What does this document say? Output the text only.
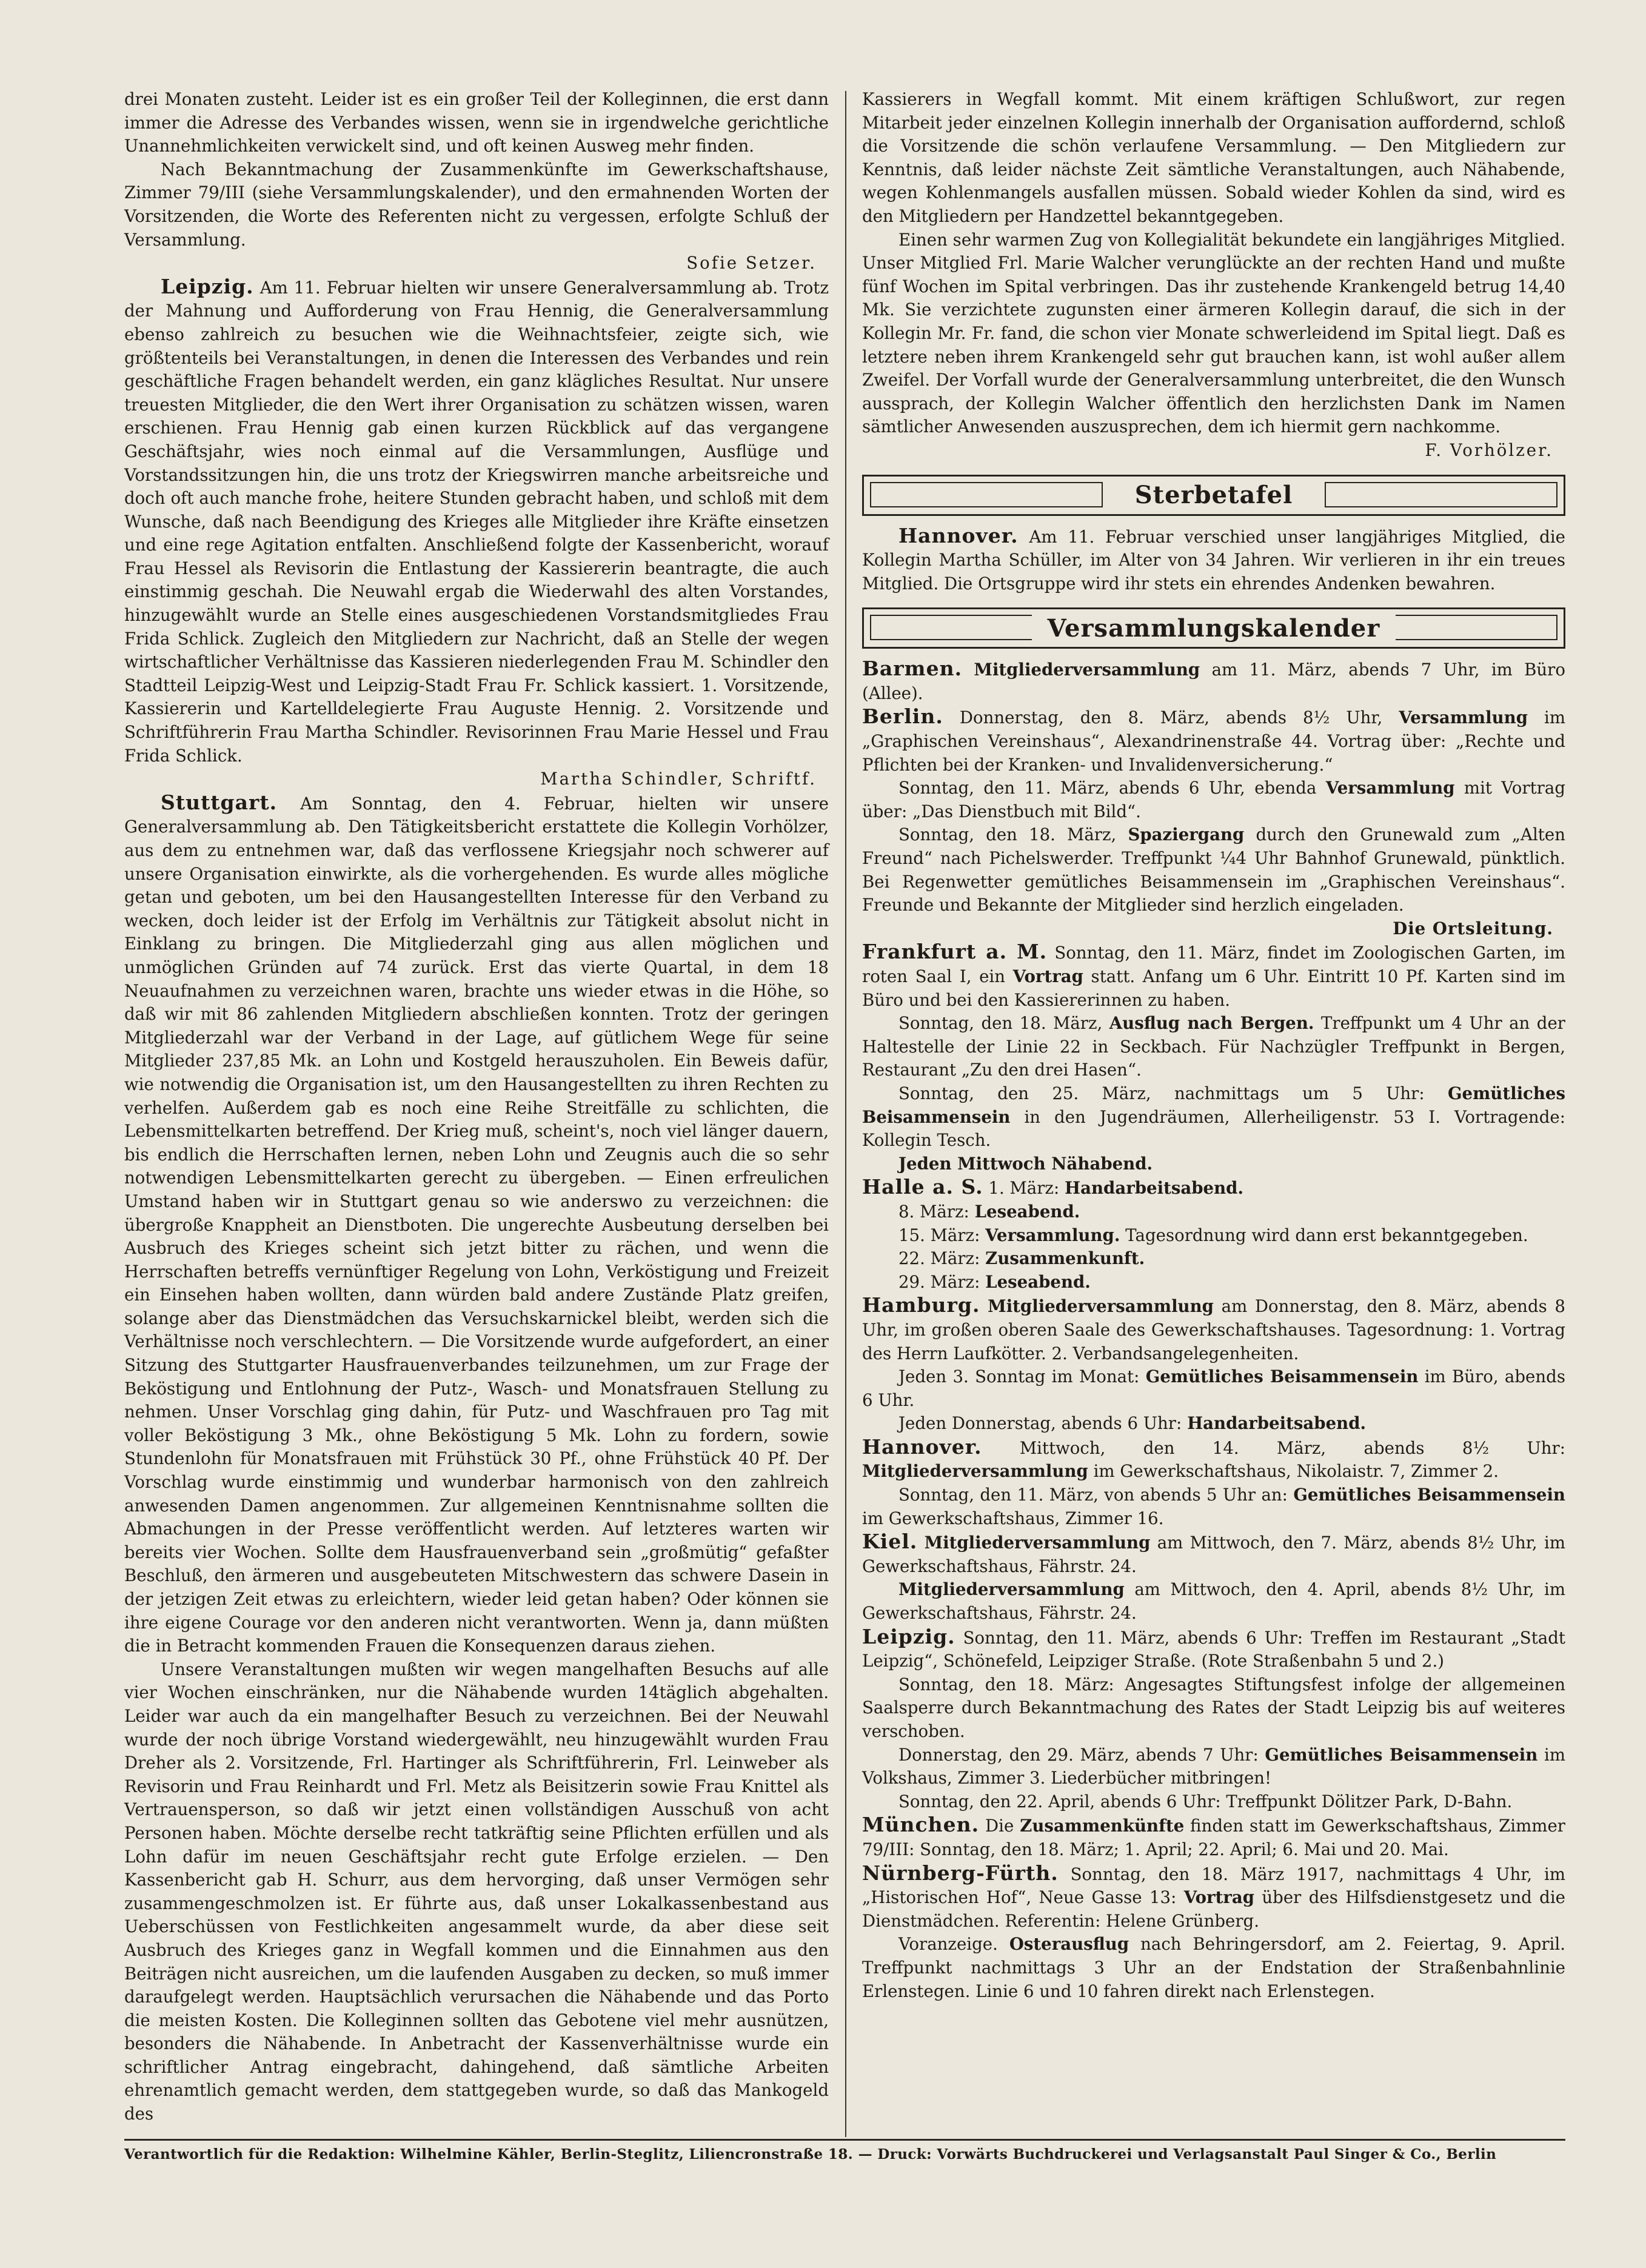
drei Monaten zusteht. Leider ist es ein großer Teil der Kolleginnen, die erst dann immer die Adresse des Verbandes wissen, wenn sie in irgendwelche gerichtliche Unannehmlichkeiten verwickelt sind, und oft keinen Ausweg mehr finden.

Nach Bekanntmachung der Zusammenkünfte im Gewerkschaftshause, Zimmer 79/III (siehe Versammlungskalender), und den ermahnenden Worten der Vorsitzenden, die Worte des Referenten nicht zu vergessen, erfolgte Schluß der Versammlung.

Sofie Setzer.

Leipzig. Am 11. Februar hielten wir unsere Generalversammlung ab. Trotz der Mahnung und Aufforderung von Frau Hennig, die Generalversammlung ebenso zahlreich zu besuchen wie die Weihnachtsfeier, zeigte sich, wie größtenteils bei Veranstaltungen, in denen die Interessen des Verbandes und rein geschäftliche Fragen behandelt werden, ein ganz klägliches Resultat. Nur unsere treuesten Mitglieder, die den Wert ihrer Organisation zu schätzen wissen, waren erschienen. Frau Hennig gab einen kurzen Rückblick auf das vergangene Geschäftsjahr, wies noch einmal auf die Versammlungen, Ausflüge und Vorstandssitzungen hin, die uns trotz der Kriegswirren manche arbeitsreiche und doch oft auch manche frohe, heitere Stunden gebracht haben, und schloß mit dem Wunsche, daß nach Beendigung des Krieges alle Mitglieder ihre Kräfte einsetzen und eine rege Agitation entfalten. Anschließend folgte der Kassenbericht, worauf Frau Hessel als Revisorin die Entlastung der Kassiererin beantragte, die auch einstimmig geschah. Die Neuwahl ergab die Wiederwahl des alten Vorstandes, hinzugewählt wurde an Stelle eines ausgeschiedenen Vorstandsmitgliedes Frau Frida Schlick. Zugleich den Mitgliedern zur Nachricht, daß an Stelle der wegen wirtschaftlicher Verhältnisse das Kassieren niederlegenden Frau M. Schindler den Stadtteil Leipzig-West und Leipzig-Stadt Frau Fr. Schlick kassiert. 1. Vorsitzende, Kassiererin und Kartelldelegierte Frau Auguste Hennig. 2. Vorsitzende und Schriftführerin Frau Martha Schindler. Revisorinnen Frau Marie Hessel und Frau Frida Schlick.

Martha Schindler, Schriftf.

Stuttgart. Am Sonntag, den 4. Februar, hielten wir unsere Generalversammlung ab. Den Tätigkeitsbericht erstattete die Kollegin Vorhölzer, aus dem zu entnehmen war, daß das verflossene Kriegsjahr noch schwerer auf unsere Organisation einwirkte, als die vorhergehenden. Es wurde alles mögliche getan und geboten, um bei den Hausangestellten Interesse für den Verband zu wecken, doch leider ist der Erfolg im Verhältnis zur Tätigkeit absolut nicht in Einklang zu bringen. Die Mitgliederzahl ging aus allen möglichen und unmöglichen Gründen auf 74 zurück. Erst das vierte Quartal, in dem 18 Neuaufnahmen zu verzeichnen waren, brachte uns wieder etwas in die Höhe, so daß wir mit 86 zahlenden Mitgliedern abschließen konnten. Trotz der geringen Mitgliederzahl war der Verband in der Lage, auf gütlichem Wege für seine Mitglieder 237,85 Mk. an Lohn und Kostgeld herauszuholen. Ein Beweis dafür, wie notwendig die Organisation ist, um den Hausangestellten zu ihren Rechten zu verhelfen. Außerdem gab es noch eine Reihe Streitfälle zu schlichten, die Lebensmittelkarten betreffend. Der Krieg muß, scheint's, noch viel länger dauern, bis endlich die Herrschaften lernen, neben Lohn und Zeugnis auch die so sehr notwendigen Lebensmittelkarten gerecht zu übergeben. — Einen erfreulichen Umstand haben wir in Stuttgart genau so wie anderswo zu verzeichnen: die übergroße Knappheit an Dienstboten. Die ungerechte Ausbeutung derselben bei Ausbruch des Krieges scheint sich jetzt bitter zu rächen, und wenn die Herrschaften betreffs vernünftiger Regelung von Lohn, Verköstigung und Freizeit ein Einsehen haben wollten, dann würden bald andere Zustände Platz greifen, solange aber das Dienstmädchen das Versuchskarnickel bleibt, werden sich die Verhältnisse noch verschlechtern. — Die Vorsitzende wurde aufgefordert, an einer Sitzung des Stuttgarter Hausfrauenverbandes teilzunehmen, um zur Frage der Beköstigung und Entlohnung der Putz-, Wasch- und Monatsfrauen Stellung zu nehmen. Unser Vorschlag ging dahin, für Putz- und Waschfrauen pro Tag mit voller Beköstigung 3 Mk., ohne Beköstigung 5 Mk. Lohn zu fordern, sowie Stundenlohn für Monatsfrauen mit Frühstück 30 Pf., ohne Frühstück 40 Pf. Der Vorschlag wurde einstimmig und wunderbar harmonisch von den zahlreich anwesenden Damen angenommen. Zur allgemeinen Kenntnisnahme sollten die Abmachungen in der Presse veröffentlicht werden. Auf letzteres warten wir bereits vier Wochen. Sollte dem Hausfrauenverband sein „großmütig“ gefaßter Beschluß, den ärmeren und ausgebeuteten Mitschwestern das schwere Dasein in der jetzigen Zeit etwas zu erleichtern, wieder leid getan haben? Oder können sie ihre eigene Courage vor den anderen nicht verantworten. Wenn ja, dann müßten die in Betracht kommenden Frauen die Konsequenzen daraus ziehen.

Unsere Veranstaltungen mußten wir wegen mangelhaften Besuchs auf alle vier Wochen einschränken, nur die Nähabende wurden 14täglich abgehalten. Leider war auch da ein mangelhafter Besuch zu verzeichnen. Bei der Neuwahl wurde der noch übrige Vorstand wiedergewählt, neu hinzugewählt wurden Frau Dreher als 2. Vorsitzende, Frl. Hartinger als Schriftführerin, Frl. Leinweber als Revisorin und Frau Reinhardt und Frl. Metz als Beisitzerin sowie Frau Knittel als Vertrauensperson, so daß wir jetzt einen vollständigen Ausschuß von acht Personen haben. Möchte derselbe recht tatkräftig seine Pflichten erfüllen und als Lohn dafür im neuen Geschäftsjahr recht gute Erfolge erzielen. — Den Kassenbericht gab H. Schurr, aus dem hervorging, daß unser Vermögen sehr zusammengeschmolzen ist. Er führte aus, daß unser Lokalkassenbestand aus Ueberschüssen von Festlichkeiten angesammelt wurde, da aber diese seit Ausbruch des Krieges ganz in Wegfall kommen und die Einnahmen aus den Beiträgen nicht ausreichen, um die laufenden Ausgaben zu decken, so muß immer daraufgelegt werden. Hauptsächlich verursachen die Nähabende und das Porto die meisten Kosten. Die Kolleginnen sollten das Gebotene viel mehr ausnützen, besonders die Nähabende. In Anbetracht der Kassenverhältnisse wurde ein schriftlicher Antrag eingebracht, dahingehend, daß sämtliche Arbeiten ehrenamtlich gemacht werden, dem stattgegeben wurde, so daß das Mankogeld des

Kassierers in Wegfall kommt. Mit einem kräftigen Schlußwort, zur regen Mitarbeit jeder einzelnen Kollegin innerhalb der Organisation auffordernd, schloß die Vorsitzende die schön verlaufene Versammlung. — Den Mitgliedern zur Kenntnis, daß leider nächste Zeit sämtliche Veranstaltungen, auch Nähabende, wegen Kohlenmangels ausfallen müssen. Sobald wieder Kohlen da sind, wird es den Mitgliedern per Handzettel bekanntgegeben.

Einen sehr warmen Zug von Kollegialität bekundete ein langjähriges Mitglied. Unser Mitglied Frl. Marie Walcher verunglückte an der rechten Hand und mußte fünf Wochen im Spital verbringen. Das ihr zustehende Krankengeld betrug 14,40 Mk. Sie verzichtete zugunsten einer ärmeren Kollegin darauf, die sich in der Kollegin Mr. Fr. fand, die schon vier Monate schwerleidend im Spital liegt. Daß es letztere neben ihrem Krankengeld sehr gut brauchen kann, ist wohl außer allem Zweifel. Der Vorfall wurde der Generalversammlung unterbreitet, die den Wunsch aussprach, der Kollegin Walcher öffentlich den herzlichsten Dank im Namen sämtlicher Anwesenden auszusprechen, dem ich hiermit gern nachkomme.

F. Vorhölzer.
Sterbetafel

Hannover. Am 11. Februar verschied unser langjähriges Mitglied, die Kollegin Martha Schüller, im Alter von 34 Jahren. Wir verlieren in ihr ein treues Mitglied. Die Ortsgruppe wird ihr stets ein ehrendes Andenken bewahren.

Versammlungskalender

Barmen. Mitgliederversammlung am 11. März, abends 7 Uhr, im Büro (Allee).

Berlin. Donnerstag, den 8. März, abends 8½ Uhr, Versammlung im „Graphischen Vereinshaus“, Alexandrinenstraße 44. Vortrag über: „Rechte und Pflichten bei der Kranken- und Invalidenversicherung.“

Sonntag, den 11. März, abends 6 Uhr, ebenda Versammlung mit Vortrag über: „Das Dienstbuch mit Bild“.

Sonntag, den 18. März, Spaziergang durch den Grunewald zum „Alten Freund“ nach Pichelswerder. Treffpunkt ¼4 Uhr Bahnhof Grunewald, pünktlich. Bei Regenwetter gemütliches Beisammensein im „Graphischen Vereinshaus“. Freunde und Bekannte der Mitglieder sind herzlich eingeladen.

Die Ortsleitung.

Frankfurt a. M. Sonntag, den 11. März, findet im Zoologischen Garten, im roten Saal I, ein Vortrag statt. Anfang um 6 Uhr. Eintritt 10 Pf. Karten sind im Büro und bei den Kassiererinnen zu haben.

Sonntag, den 18. März, Ausflug nach Bergen. Treffpunkt um 4 Uhr an der Haltestelle der Linie 22 in Seckbach. Für Nachzügler Treffpunkt in Bergen, Restaurant „Zu den drei Hasen“.

Sonntag, den 25. März, nachmittags um 5 Uhr: Gemütliches Beisammensein in den Jugendräumen, Allerheiligenstr. 53 I. Vortragende: Kollegin Tesch.

Jeden Mittwoch Nähabend.

Halle a. S. 1. März: Handarbeitsabend.

8. März: Leseabend.

15. März: Versammlung. Tagesordnung wird dann erst bekanntgegeben.

22. März: Zusammenkunft.

29. März: Leseabend.

Hamburg. Mitgliederversammlung am Donnerstag, den 8. März, abends 8 Uhr, im großen oberen Saale des Gewerkschaftshauses. Tagesordnung: 1. Vortrag des Herrn Laufkötter. 2. Verbandsangelegenheiten.

Jeden 3. Sonntag im Monat: Gemütliches Beisammensein im Büro, abends 6 Uhr.

Jeden Donnerstag, abends 6 Uhr: Handarbeitsabend.

Hannover. Mittwoch, den 14. März, abends 8½ Uhr: Mitgliederversammlung im Gewerkschaftshaus, Nikolaistr. 7, Zimmer 2.

Sonntag, den 11. März, von abends 5 Uhr an: Gemütliches Beisammensein im Gewerkschaftshaus, Zimmer 16.

Kiel. Mitgliederversammlung am Mittwoch, den 7. März, abends 8½ Uhr, im Gewerkschaftshaus, Fährstr. 24.

Mitgliederversammlung am Mittwoch, den 4. April, abends 8½ Uhr, im Gewerkschaftshaus, Fährstr. 24.

Leipzig. Sonntag, den 11. März, abends 6 Uhr: Treffen im Restaurant „Stadt Leipzig“, Schönefeld, Leipziger Straße. (Rote Straßenbahn 5 und 2.)

Sonntag, den 18. März: Angesagtes Stiftungsfest infolge der allgemeinen Saalsperre durch Bekanntmachung des Rates der Stadt Leipzig bis auf weiteres verschoben.

Donnerstag, den 29. März, abends 7 Uhr: Gemütliches Beisammensein im Volkshaus, Zimmer 3. Liederbücher mitbringen!

Sonntag, den 22. April, abends 6 Uhr: Treffpunkt Dölitzer Park, D-Bahn.

München. Die Zusammenkünfte finden statt im Gewerkschaftshaus, Zimmer 79/III: Sonntag, den 18. März; 1. April; 22. April; 6. Mai und 20. Mai.

Nürnberg-Fürth. Sonntag, den 18. März 1917, nachmittags 4 Uhr, im „Historischen Hof“, Neue Gasse 13: Vortrag über des Hilfsdienstgesetz und die Dienstmädchen. Referentin: Helene Grünberg.

Voranzeige. Osterausflug nach Behringersdorf, am 2. Feiertag, 9. April. Treffpunkt nachmittags 3 Uhr an der Endstation der Straßenbahnlinie Erlenstegen. Linie 6 und 10 fahren direkt nach Erlenstegen.

Verantwortlich für die Redaktion: Wilhelmine Kähler, Berlin-Steglitz, Liliencronstraße 18. — Druck: Vorwärts Buchdruckerei und Verlagsanstalt Paul Singer & Co., Berlin
